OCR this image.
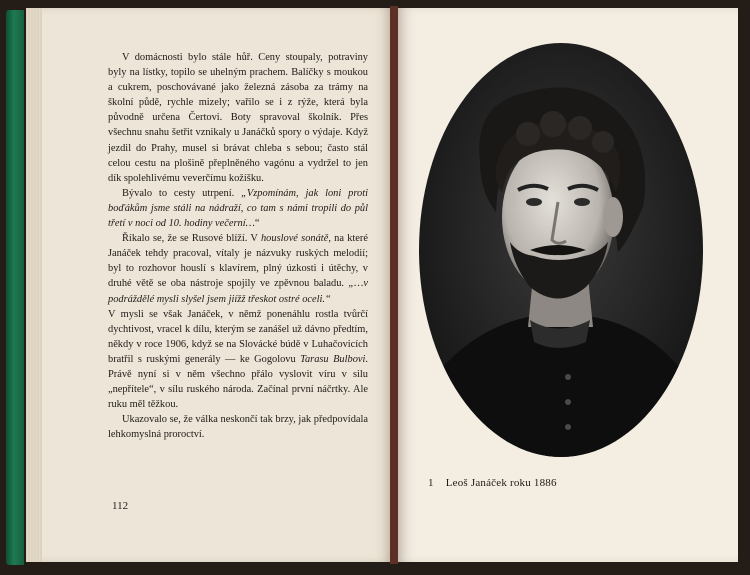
V domácnosti bylo stále hůř. Ceny stoupaly, potraviny byly na lístky, topilo se uhelným prachem. Balíčky s moukou a cukrem, poschovávané jako železná zásoba za trámy na školní půdě, rychle mizely; vařilo se i z rýže, která byla původně určena Čertovi. Boty spravoval školník. Přes všechnu snahu šetřit vznikaly u Janáčků spory o výdaje. Když jezdil do Prahy, musel si brávat chleba s sebou; často stál celou cestu na plošině přeplněného vagónu a vydržel to jen dík spolehlivému veverčímu kožíšku.

Bývalo to cesty utrpení. „Vzpomínám, jak loni proti boďákům jsme stáli na nádraží, co tam s námi tropili do půl třetí v noci od 10. hodiny večerní…“

Říkalo se, že se Rusové blíží. V houslové sonátě, na které Janáček tehdy pracoval, vítaly je názvuky ruských melodií; byl to rozhovor houslí s klavírem, plný úzkosti i útěchy, v druhé větě se oba nástroje spojily ve zpěvnou baladu. „…v podráždělé mysli slyšel jsem jiížž třeskot ostré oceli.“

V mysli se však Janáček, v němž ponenáhlu rostla tvůrčí dychtivost, vracel k dílu, kterým se zanášel už dávno předtím, někdy v roce 1906, když se na Slovácké búdě v Luhačovicích bratřil s ruskými generály — ke Gogolovu Tarasu Bulbovi. Právě nyní si v něm všechno přálo vyslovit víru v silu „nepřítele“, v sílu ruského národa. Začínal první náčrtky. Ale ruku měl těžkou.

Ukazovalo se, že válka neskončí tak brzy, jak předpovídala lehkomyslná proroctví.

112
1 Leoš Janáček roku 1886
